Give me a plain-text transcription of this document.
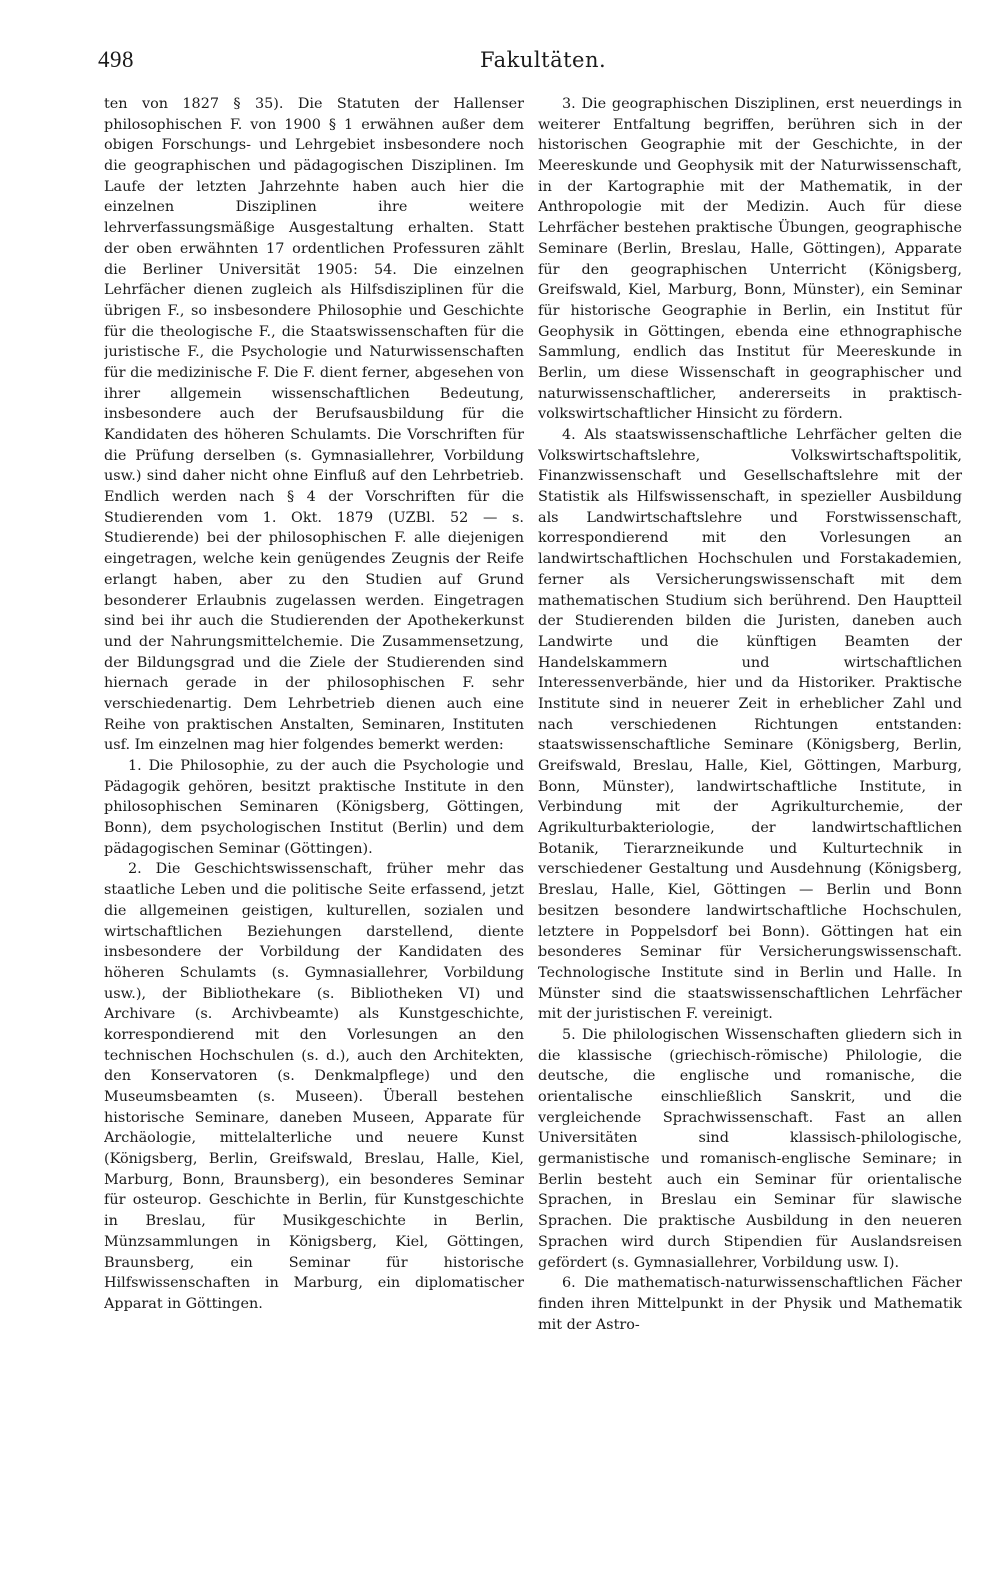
498	Fakultäten.

ten von 1827 § 35). Die Statuten der Hallenser philosophischen F. von 1900 § 1 erwähnen außer dem obigen Forschungs- und Lehrgebiet insbesondere noch die geographischen und pädagogischen Disziplinen. Im Laufe der letzten Jahrzehnte haben auch hier die einzelnen Disziplinen ihre weitere lehrverfassungsmäßige Ausgestaltung erhalten. Statt der oben erwähnten 17 ordentlichen Professuren zählt die Berliner Universität 1905: 54. Die einzelnen Lehrfächer dienen zugleich als Hilfsdisziplinen für die übrigen F., so insbesondere Philosophie und Geschichte für die theologische F., die Staatswissenschaften für die juristische F., die Psychologie und Naturwissenschaften für die medizinische F. Die F. dient ferner, abgesehen von ihrer allgemein wissenschaftlichen Bedeutung, insbesondere auch der Berufsausbildung für die Kandidaten des höheren Schulamts. Die Vorschriften für die Prüfung derselben (s. Gymnasiallehrer, Vorbildung usw.) sind daher nicht ohne Einfluß auf den Lehrbetrieb. Endlich werden nach § 4 der Vorschriften für die Studierenden vom 1. Okt. 1879 (UZBl. 52 — s. Studierende) bei der philosophischen F. alle diejenigen eingetragen, welche kein genügendes Zeugnis der Reife erlangt haben, aber zu den Studien auf Grund besonderer Erlaubnis zugelassen werden. Eingetragen sind bei ihr auch die Studierenden der Apothekerkunst und der Nahrungsmittelchemie. Die Zusammensetzung, der Bildungsgrad und die Ziele der Studierenden sind hiernach gerade in der philosophischen F. sehr verschiedenartig. Dem Lehrbetrieb dienen auch eine Reihe von praktischen Anstalten, Seminaren, Instituten usf. Im einzelnen mag hier folgendes bemerkt werden:

1. Die Philosophie, zu der auch die Psychologie und Pädagogik gehören, besitzt praktische Institute in den philosophischen Seminaren (Königsberg, Göttingen, Bonn), dem psychologischen Institut (Berlin) und dem pädagogischen Seminar (Göttingen).

2. Die Geschichtswissenschaft, früher mehr das staatliche Leben und die politische Seite erfassend, jetzt die allgemeinen geistigen, kulturellen, sozialen und wirtschaftlichen Beziehungen darstellend, diente insbesondere der Vorbildung der Kandidaten des höheren Schulamts (s. Gymnasiallehrer, Vorbildung usw.), der Bibliothekare (s. Bibliotheken VI) und Archivare (s. Archivbeamte) als Kunstgeschichte, korrespondierend mit den Vorlesungen an den technischen Hochschulen (s. d.), auch den Architekten, den Konservatoren (s. Denkmalpflege) und den Museumsbeamten (s. Museen). Überall bestehen historische Seminare, daneben Museen, Apparate für Archäologie, mittelalterliche und neuere Kunst (Königsberg, Berlin, Greifswald, Breslau, Halle, Kiel, Marburg, Bonn, Braunsberg), ein besonderes Seminar für osteurop. Geschichte in Berlin, für Kunstgeschichte in Breslau, für Musikgeschichte in Berlin, Münzsammlungen in Königsberg, Kiel, Göttingen, Braunsberg, ein Seminar für historische Hilfswissenschaften in Marburg, ein diplomatischer Apparat in Göttingen.

3. Die geographischen Disziplinen, erst neuerdings in weiterer Entfaltung begriffen, berühren sich in der historischen Geographie mit der Geschichte, in der Meereskunde und Geophysik mit der Naturwissenschaft, in der Kartographie mit der Mathematik, in der Anthropologie mit der Medizin. Auch für diese Lehrfächer bestehen praktische Übungen, geographische Seminare (Berlin, Breslau, Halle, Göttingen), Apparate für den geographischen Unterricht (Königsberg, Greifswald, Kiel, Marburg, Bonn, Münster), ein Seminar für historische Geographie in Berlin, ein Institut für Geophysik in Göttingen, ebenda eine ethnographische Sammlung, endlich das Institut für Meereskunde in Berlin, um diese Wissenschaft in geographischer und naturwissenschaftlicher, andererseits in praktisch-volkswirtschaftlicher Hinsicht zu fördern.

4. Als staatswissenschaftliche Lehrfächer gelten die Volkswirtschaftslehre, Volkswirtschaftspolitik, Finanzwissenschaft und Gesellschaftslehre mit der Statistik als Hilfswissenschaft, in spezieller Ausbildung als Landwirtschaftslehre und Forstwissenschaft, korrespondierend mit den Vorlesungen an landwirtschaftlichen Hochschulen und Forstakademien, ferner als Versicherungswissenschaft mit dem mathematischen Studium sich berührend. Den Hauptteil der Studierenden bilden die Juristen, daneben auch Landwirte und die künftigen Beamten der Handelskammern und wirtschaftlichen Interessenverbände, hier und da Historiker. Praktische Institute sind in neuerer Zeit in erheblicher Zahl und nach verschiedenen Richtungen entstanden: staatswissenschaftliche Seminare (Königsberg, Berlin, Greifswald, Breslau, Halle, Kiel, Göttingen, Marburg, Bonn, Münster), landwirtschaftliche Institute, in Verbindung mit der Agrikulturchemie, der Agrikulturbakteriologie, der landwirtschaftlichen Botanik, Tierarzneikunde und Kulturtechnik in verschiedener Gestaltung und Ausdehnung (Königsberg, Breslau, Halle, Kiel, Göttingen — Berlin und Bonn besitzen besondere landwirtschaftliche Hochschulen, letztere in Poppelsdorf bei Bonn). Göttingen hat ein besonderes Seminar für Versicherungswissenschaft. Technologische Institute sind in Berlin und Halle. In Münster sind die staatswissenschaftlichen Lehrfächer mit der juristischen F. vereinigt.

5. Die philologischen Wissenschaften gliedern sich in die klassische (griechisch-römische) Philologie, die deutsche, die englische und romanische, die orientalische einschließlich Sanskrit, und die vergleichende Sprachwissenschaft. Fast an allen Universitäten sind klassisch-philologische, germanistische und romanisch-englische Seminare; in Berlin besteht auch ein Seminar für orientalische Sprachen, in Breslau ein Seminar für slawische Sprachen. Die praktische Ausbildung in den neueren Sprachen wird durch Stipendien für Auslandsreisen gefördert (s. Gymnasiallehrer, Vorbildung usw. I).

6. Die mathematisch-naturwissenschaftlichen Fächer finden ihren Mittelpunkt in der Physik und Mathematik mit der Astro-
